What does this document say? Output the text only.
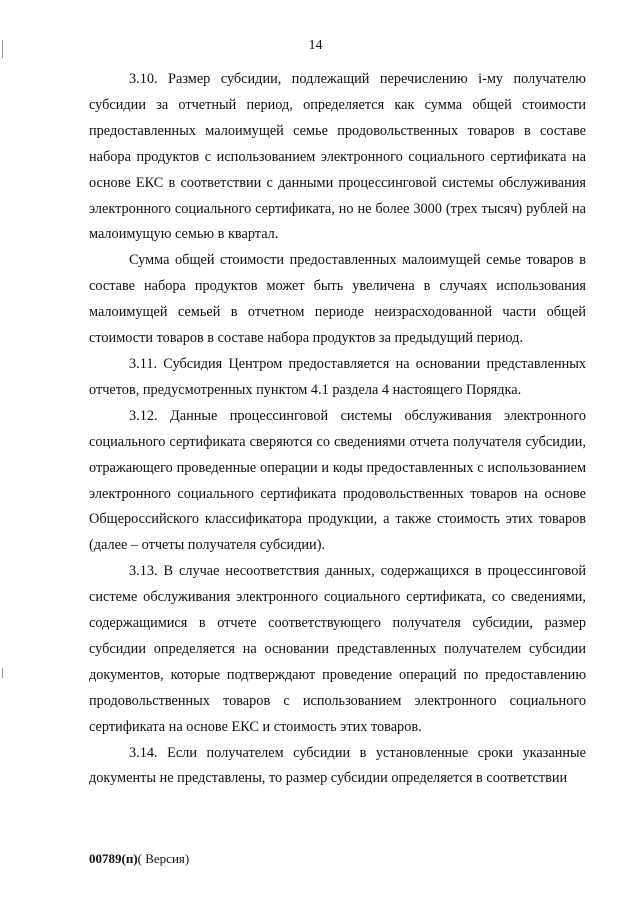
14

3.10. Размер субсидии, подлежащий перечислению i-му получателю субсидии за отчетный период, определяется как сумма общей стоимости предоставленных малоимущей семье продовольственных товаров в составе набора продуктов с использованием электронного социального сертификата на основе ЕКС в соответствии с данными процессинговой системы обслуживания электронного социального сертификата, но не более 3000 (трех тысяч) рублей на малоимущую семью в квартал.

Сумма общей стоимости предоставленных малоимущей семье товаров в составе набора продуктов может быть увеличена в случаях использования малоимущей семьей в отчетном периоде неизрасходованной части общей стоимости товаров в составе набора продуктов за предыдущий период.

3.11. Субсидия Центром предоставляется на основании представленных отчетов, предусмотренных пунктом 4.1 раздела 4 настоящего Порядка.

3.12. Данные процессинговой системы обслуживания электронного социального сертификата сверяются со сведениями отчета получателя субсидии, отражающего проведенные операции и коды предоставленных с использованием электронного социального сертификата продовольственных товаров на основе Общероссийского классификатора продукции, а также стоимость этих товаров (далее – отчеты получателя субсидии).

3.13. В случае несоответствия данных, содержащихся в процессинговой системе обслуживания электронного социального сертификата, со сведениями, содержащимися в отчете соответствующего получателя субсидии, размер субсидии определяется на основании представленных получателем субсидии документов, которые подтверждают проведение операций по предоставлению продовольственных товаров с использованием электронного социального сертификата на основе ЕКС и стоимость этих товаров.

3.14. Если получателем субсидии в установленные сроки указанные документы не представлены, то размер субсидии определяется в соответствии

00789(п)( Версия)
